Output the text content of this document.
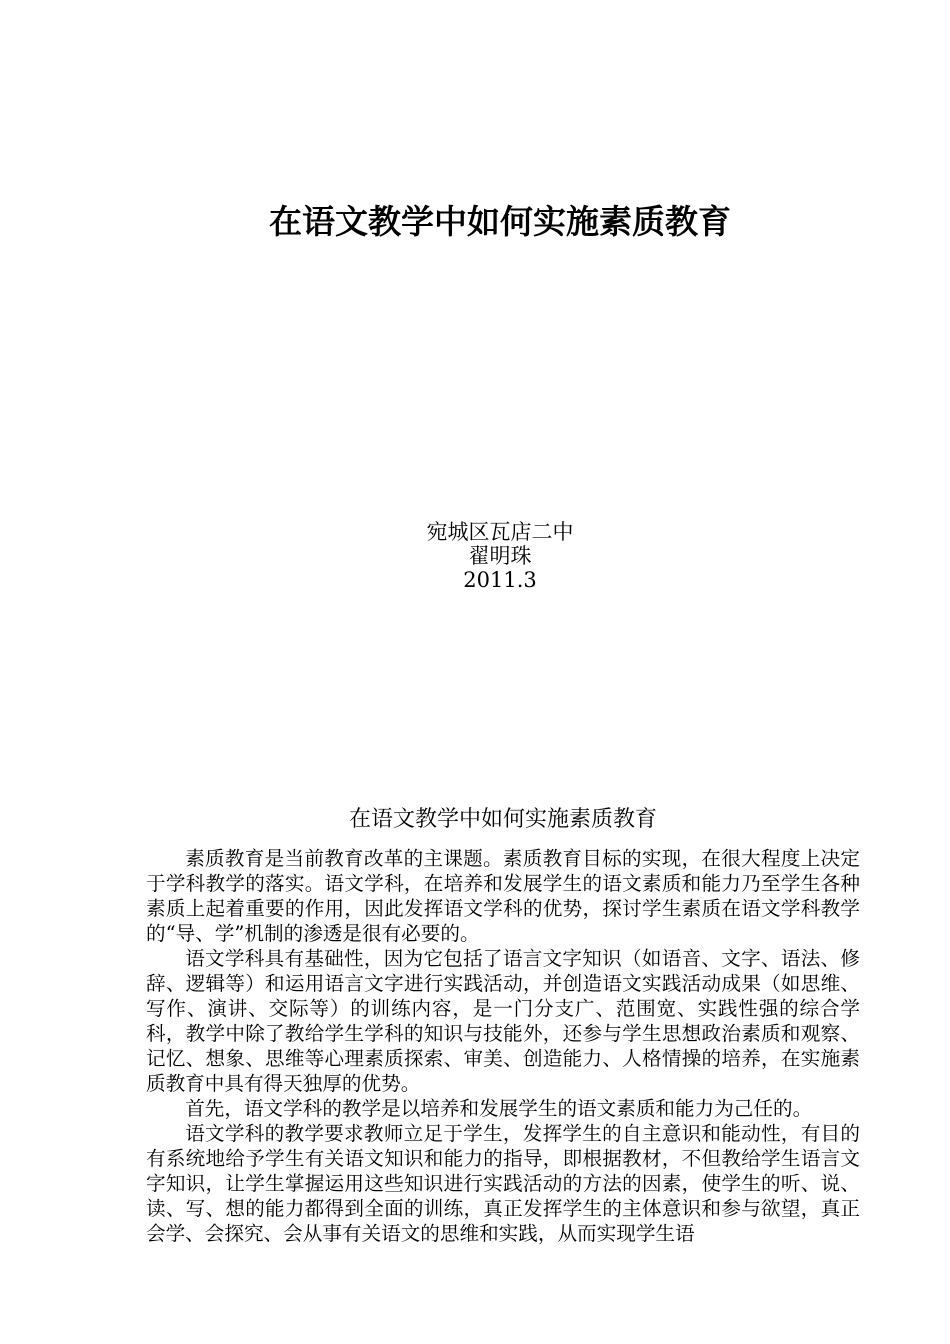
在语文教学中如何实施素质教育
宛城区瓦店二中
翟明珠
2011.3
在语文教学中如何实施素质教育

素质教育是当前教育改革的主课题。素质教育目标的实现，在很大程度上决定于学科教学的落实。语文学科，在培养和发展学生的语文素质和能力乃至学生各种素质上起着重要的作用，因此发挥语文学科的优势，探讨学生素质在语文学科教学的“导、学”机制的渗透是很有必要的。

语文学科具有基础性，因为它包括了语言文字知识（如语音、文字、语法、修辞、逻辑等）和运用语言文字进行实践活动，并创造语文实践活动成果（如思维、写作、演讲、交际等）的训练内容，是一门分支广、范围宽、实践性强的综合学科，教学中除了教给学生学科的知识与技能外，还参与学生思想政治素质和观察、记忆、想象、思维等心理素质探索、审美、创造能力、人格情操的培养，在实施素质教育中具有得天独厚的优势。

首先，语文学科的教学是以培养和发展学生的语文素质和能力为己任的。

语文学科的教学要求教师立足于学生，发挥学生的自主意识和能动性，有目的有系统地给予学生有关语文知识和能力的指导，即根据教材，不但教给学生语言文字知识，让学生掌握运用这些知识进行实践活动的方法的因素，使学生的听、说、读、写、想的能力都得到全面的训练，真正发挥学生的主体意识和参与欲望，真正会学、会探究、会从事有关语文的思维和实践，从而实现学生语
